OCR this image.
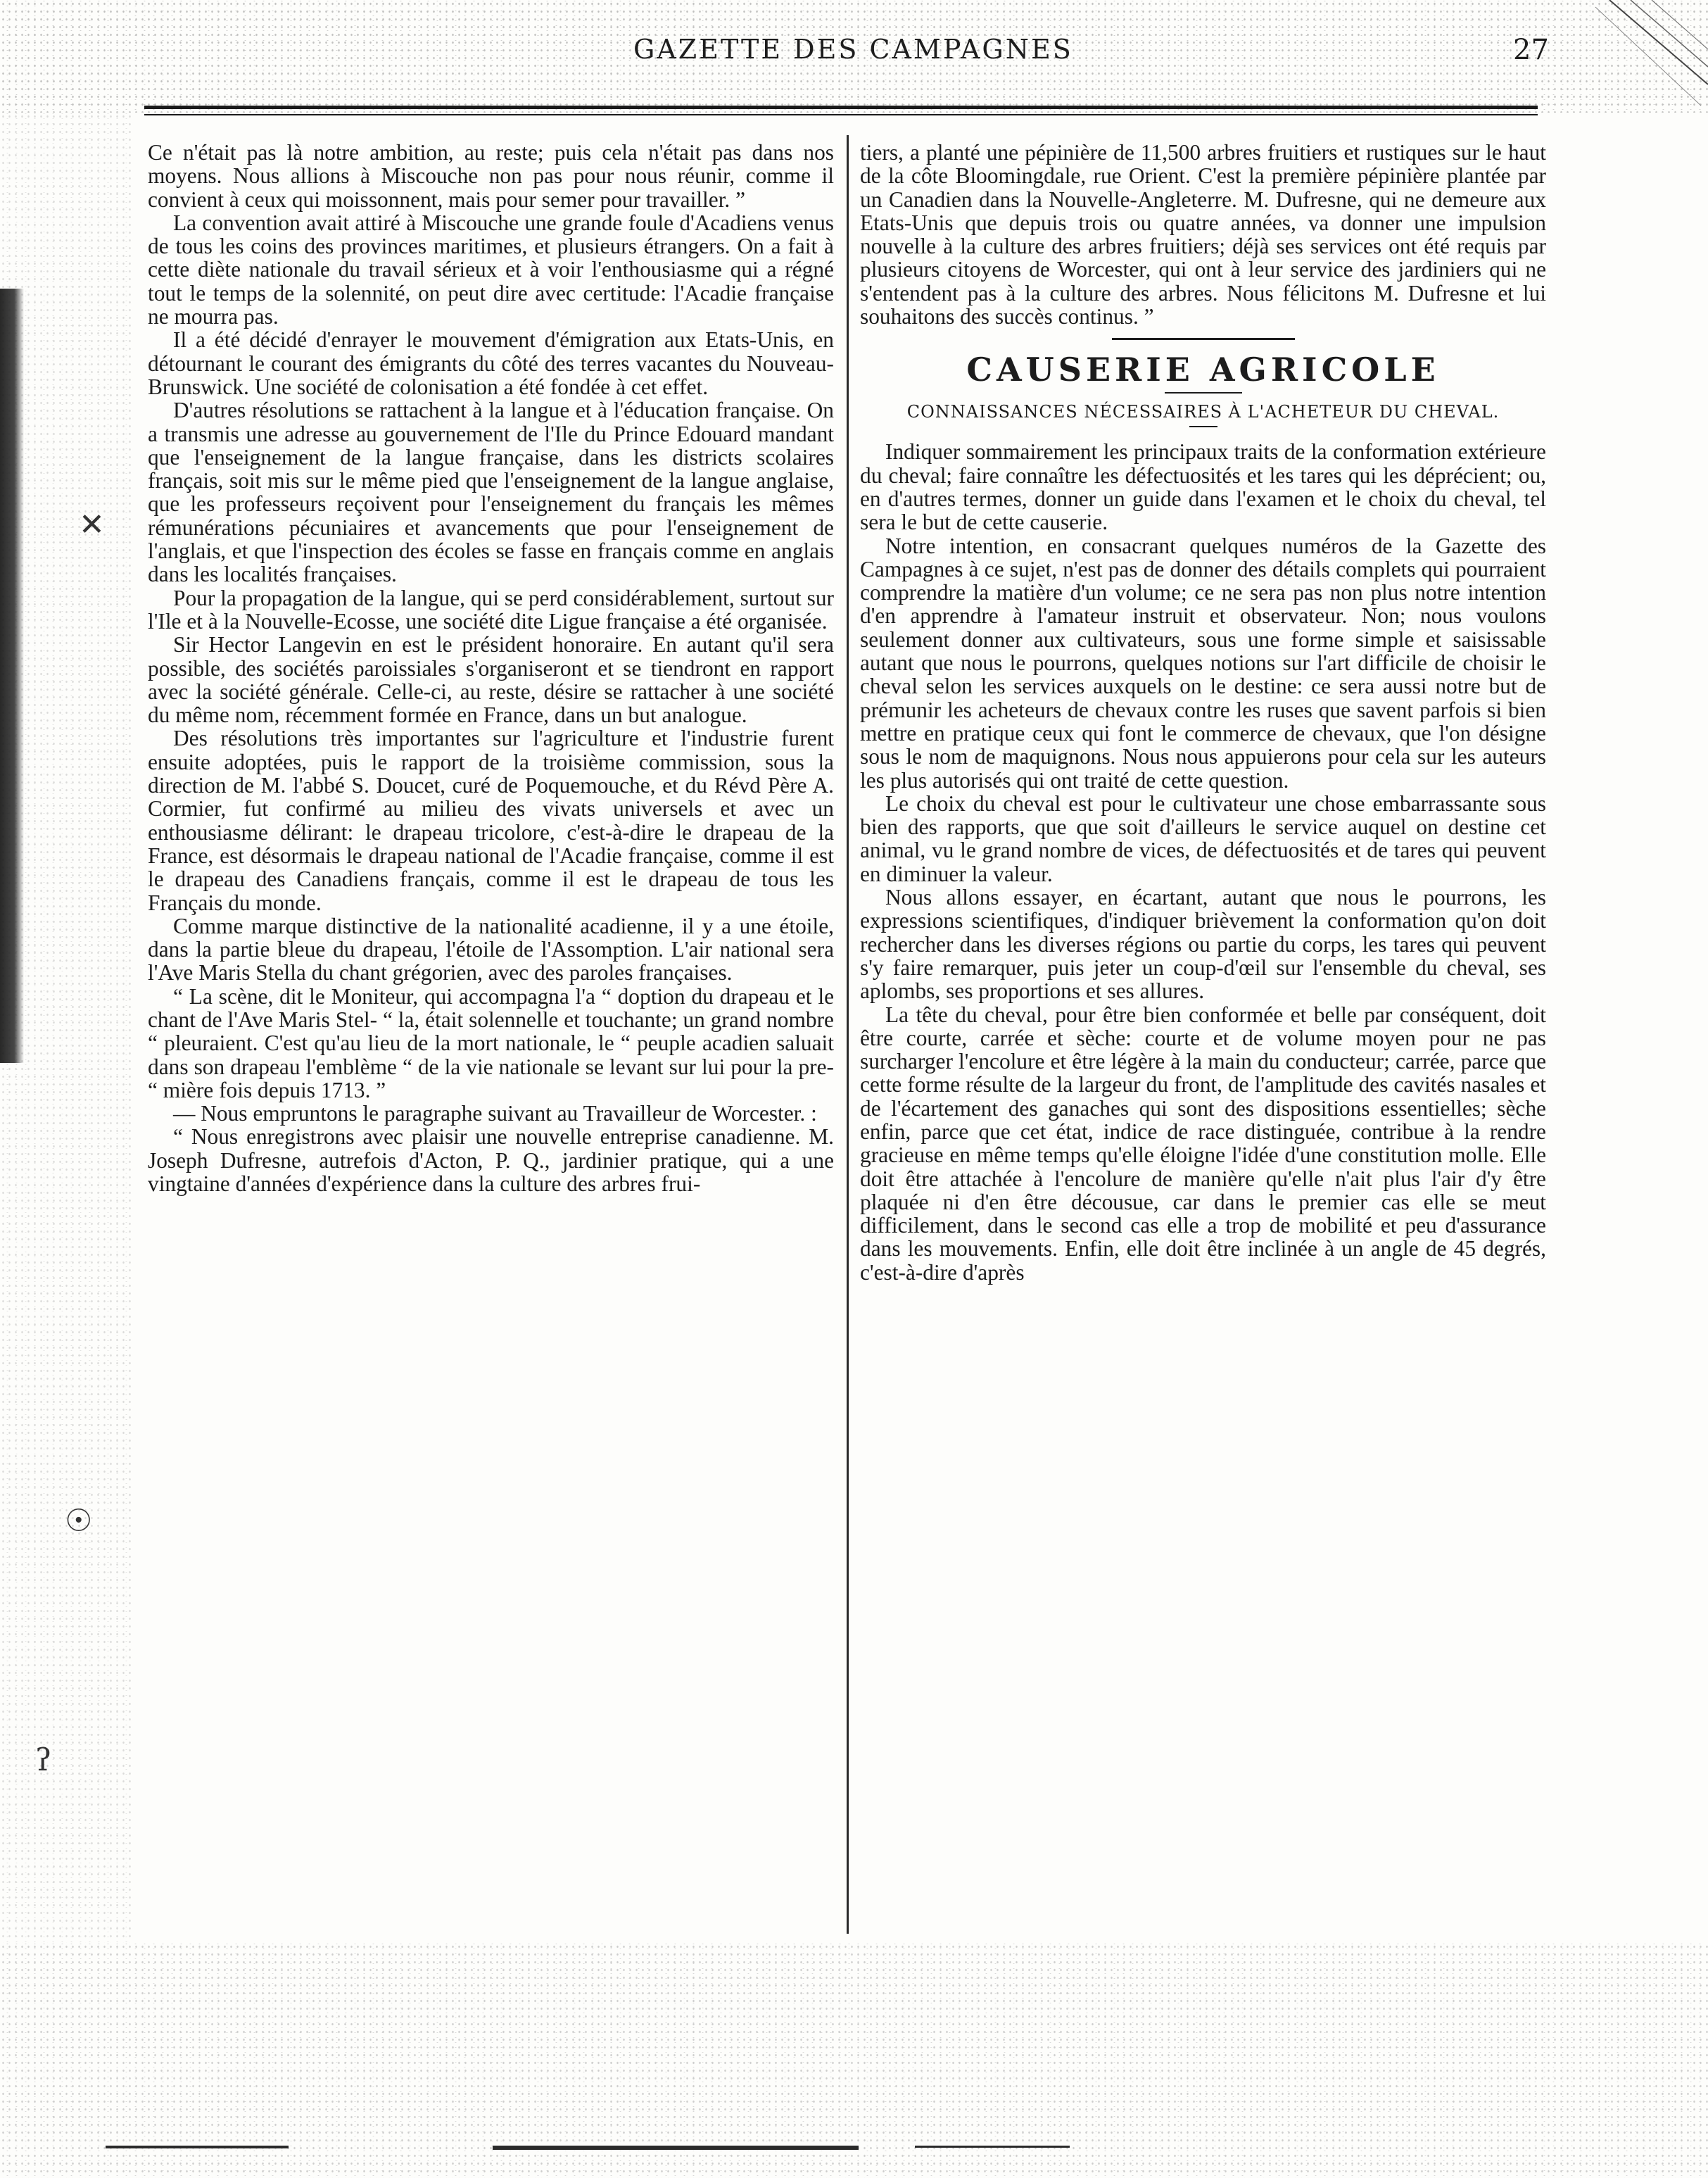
GAZETTE DES CAMPAGNES	27
✕
☉
ʔ

Ce n'était pas là notre ambition, au reste; puis cela n'était pas dans nos moyens. Nous allions à Miscouche non pas pour nous réunir, comme il convient à ceux qui moissonnent, mais pour semer pour travailler. ”

La convention avait attiré à Miscouche une grande foule d'Acadiens venus de tous les coins des provinces maritimes, et plusieurs étrangers. On a fait à cette diète nationale du travail sérieux et à voir l'enthousiasme qui a régné tout le temps de la solennité, on peut dire avec certitude: l'Acadie française ne mourra pas.

Il a été décidé d'enrayer le mouvement d'émigration aux Etats-Unis, en détournant le courant des émigrants du côté des terres vacantes du Nouveau-Brunswick. Une société de colonisation a été fondée à cet effet.

D'autres résolutions se rattachent à la langue et à l'éducation française. On a transmis une adresse au gouvernement de l'Ile du Prince Edouard mandant que l'enseignement de la langue française, dans les districts scolaires français, soit mis sur le même pied que l'enseignement de la langue anglaise, que les professeurs reçoivent pour l'enseignement du français les mêmes rémunérations pécuniaires et avancements que pour l'enseignement de l'anglais, et que l'inspection des écoles se fasse en français comme en anglais dans les localités françaises.

Pour la propagation de la langue, qui se perd considérablement, surtout sur l'Ile et à la Nouvelle-Ecosse, une société dite Ligue française a été organisée.

Sir Hector Langevin en est le président honoraire. En autant qu'il sera possible, des sociétés paroissiales s'organiseront et se tiendront en rapport avec la société générale. Celle-ci, au reste, désire se rattacher à une société du même nom, récemment formée en France, dans un but analogue.

Des résolutions très importantes sur l'agriculture et l'industrie furent ensuite adoptées, puis le rapport de la troisième commission, sous la direction de M. l'abbé S. Doucet, curé de Poquemouche, et du Révd Père A. Cormier, fut confirmé au milieu des vivats universels et avec un enthousiasme délirant: le drapeau tricolore, c'est-à-dire le drapeau de la France, est désormais le drapeau national de l'Acadie française, comme il est le drapeau des Canadiens français, comme il est le drapeau de tous les Français du monde.

Comme marque distinctive de la nationalité acadienne, il y a une étoile, dans la partie bleue du drapeau, l'étoile de l'Assomption. L'air national sera l'Ave Maris Stella du chant grégorien, avec des paroles françaises.

“ La scène, dit le Moniteur, qui accompagna l'a “ doption du drapeau et le chant de l'Ave Maris Stel- “ la, était solennelle et touchante; un grand nombre “ pleuraient. C'est qu'au lieu de la mort nationale, le “ peuple acadien saluait dans son drapeau l'emblème “ de la vie nationale se levant sur lui pour la pre- “ mière fois depuis 1713. ”

— Nous empruntons le paragraphe suivant au Travailleur de Worcester. :

“ Nous enregistrons avec plaisir une nouvelle entreprise canadienne. M. Joseph Dufresne, autrefois d'Acton, P. Q., jardinier pratique, qui a une vingtaine d'années d'expérience dans la culture des arbres frui-

tiers, a planté une pépinière de 11,500 arbres fruitiers et rustiques sur le haut de la côte Bloomingdale, rue Orient. C'est la première pépinière plantée par un Canadien dans la Nouvelle-Angleterre. M. Dufresne, qui ne demeure aux Etats-Unis que depuis trois ou quatre années, va donner une impulsion nouvelle à la culture des arbres fruitiers; déjà ses services ont été requis par plusieurs citoyens de Worcester, qui ont à leur service des jardiniers qui ne s'entendent pas à la culture des arbres. Nous félicitons M. Dufresne et lui souhaitons des succès continus. ”

CAUSERIE AGRICOLE
CONNAISSANCES NÉCESSAIRES À L'ACHETEUR DU CHEVAL.

Indiquer sommairement les principaux traits de la conformation extérieure du cheval; faire connaître les défectuosités et les tares qui les déprécient; ou, en d'autres termes, donner un guide dans l'examen et le choix du cheval, tel sera le but de cette causerie.

Notre intention, en consacrant quelques numéros de la Gazette des Campagnes à ce sujet, n'est pas de donner des détails complets qui pourraient comprendre la matière d'un volume; ce ne sera pas non plus notre intention d'en apprendre à l'amateur instruit et observateur. Non; nous voulons seulement donner aux cultivateurs, sous une forme simple et saisissable autant que nous le pourrons, quelques notions sur l'art difficile de choisir le cheval selon les services auxquels on le destine: ce sera aussi notre but de prémunir les acheteurs de chevaux contre les ruses que savent parfois si bien mettre en pratique ceux qui font le commerce de chevaux, que l'on désigne sous le nom de maquignons. Nous nous appuierons pour cela sur les auteurs les plus autorisés qui ont traité de cette question.

Le choix du cheval est pour le cultivateur une chose embarrassante sous bien des rapports, que que soit d'ailleurs le service auquel on destine cet animal, vu le grand nombre de vices, de défectuosités et de tares qui peuvent en diminuer la valeur.

Nous allons essayer, en écartant, autant que nous le pourrons, les expressions scientifiques, d'indiquer brièvement la conformation qu'on doit rechercher dans les diverses régions ou partie du corps, les tares qui peuvent s'y faire remarquer, puis jeter un coup-d'œil sur l'ensemble du cheval, ses aplombs, ses proportions et ses allures.

La tête du cheval, pour être bien conformée et belle par conséquent, doit être courte, carrée et sèche: courte et de volume moyen pour ne pas surcharger l'encolure et être légère à la main du conducteur; carrée, parce que cette forme résulte de la largeur du front, de l'amplitude des cavités nasales et de l'écartement des ganaches qui sont des dispositions essentielles; sèche enfin, parce que cet état, indice de race distinguée, contribue à la rendre gracieuse en même temps qu'elle éloigne l'idée d'une constitution molle. Elle doit être attachée à l'encolure de manière qu'elle n'ait plus l'air d'y être plaquée ni d'en être décousue, car dans le premier cas elle se meut difficilement, dans le second cas elle a trop de mobilité et peu d'assurance dans les mouvements. Enfin, elle doit être inclinée à un angle de 45 degrés, c'est-à-dire d'après
